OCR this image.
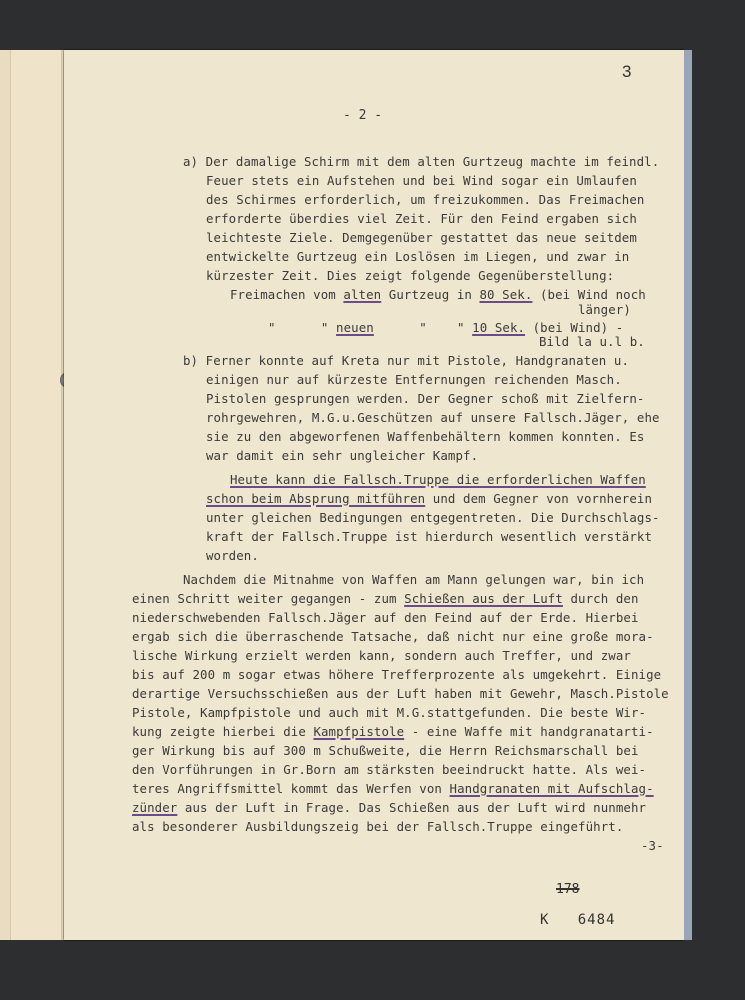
3
- 2 -
a) Der damalige Schirm mit dem alten Gurtzeug machte im feindl.
Feuer stets ein Aufstehen und bei Wind sogar ein Umlaufen
des Schirmes erforderlich, um freizukommen. Das Freimachen
erforderte überdies viel Zeit. Für den Feind ergaben sich
leichteste Ziele. Demgegenüber gestattet das neue seitdem
entwickelte Gurtzeug ein Loslösen im Liegen, und zwar in
kürzester Zeit. Dies zeigt folgende Gegenüberstellung:
Freimachen vom alten Gurtzeug in 80 Sek. (bei Wind noch
länger)
"      " neuen      "    " 10 Sek. (bei Wind) -
Bild la u.l b.
b) Ferner konnte auf Kreta nur mit Pistole, Handgranaten u.
einigen nur auf kürzeste Entfernungen reichenden Masch.
Pistolen gesprungen werden. Der Gegner schoß mit Zielfern-
rohrgewehren, M.G.u.Geschützen auf unsere Fallsch.Jäger, ehe
sie zu den abgeworfenen Waffenbehältern kommen konnten. Es
war damit ein sehr ungleicher Kampf.
Heute kann die Fallsch.Truppe die erforderlichen Waffen
schon beim Absprung mitführen und dem Gegner von vornherein
unter gleichen Bedingungen entgegentreten. Die Durchschlags-
kraft der Fallsch.Truppe ist hierdurch wesentlich verstärkt
worden.
Nachdem die Mitnahme von Waffen am Mann gelungen war, bin ich
einen Schritt weiter gegangen - zum Schießen aus der Luft durch den
niederschwebenden Fallsch.Jäger auf den Feind auf der Erde. Hierbei
ergab sich die überraschende Tatsache, daß nicht nur eine große mora-
lische Wirkung erzielt werden kann, sondern auch Treffer, und zwar
bis auf 200 m sogar etwas höhere Trefferprozente als umgekehrt. Einige
derartige Versuchsschießen aus der Luft haben mit Gewehr, Masch.Pistole
Pistole, Kampfpistole und auch mit M.G.stattgefunden. Die beste Wir-
kung zeigte hierbei die Kampfpistole - eine Waffe mit handgranatarti-
ger Wirkung bis auf 300 m Schußweite, die Herrn Reichsmarschall bei
den Vorführungen in Gr.Born am stärksten beeindruckt hatte. Als wei-
teres Angriffsmittel kommt das Werfen von Handgranaten mit Aufschlag-
zünder aus der Luft in Frage. Das Schießen aus der Luft wird nunmehr
als besonderer Ausbildungszeig bei der Fallsch.Truppe eingeführt.
-3-
178
K   6484
